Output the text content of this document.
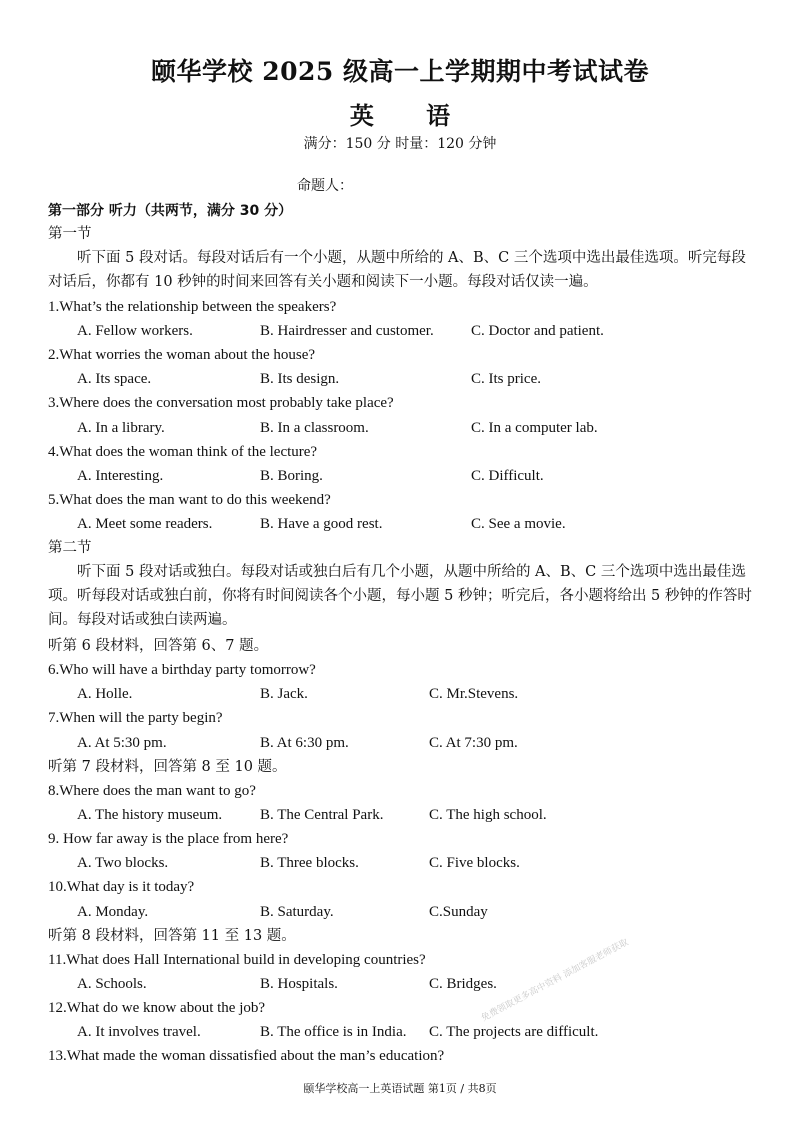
颐华学校 2025 级高一上学期期中考试试卷
英 语
满分：150 分 时量：120 分钟
命题人：
第一部分 听力（共两节，满分 30 分）
第一节
听下面 5 段对话。每段对话后有一个小题，从题中所给的 A、B、C 三个选项中选出最佳选项。听完每段对话后，你都有 10 秒钟的时间来回答有关小题和阅读下一小题。每段对话仅读一遍。
1.What’s the relationship between the speakers?
A. Fellow workers.	B. Hairdresser and customer. C. Doctor and patient.
2.What worries the woman about the house?
A. Its space.	B. Its design.	C. Its price.
3.Where does the conversation most probably take place?
A. In a library.	B. In a classroom.	C. In a computer lab.
4.What does the woman think of the lecture?
A. Interesting.	B. Boring.	C. Difficult.
5.What does the man want to do this weekend?
A. Meet some readers.	B. Have a good rest.	C. See a movie.
第二节
听下面 5 段对话或独白。每段对话或独白后有几个小题，从题中所给的 A、B、C 三个选项中选出最佳选项。听每段对话或独白前，你将有时间阅读各个小题，每小题 5 秒钟；听完后，各小题将给出 5 秒钟的作答时间。每段对话或独白读两遍。
听第 6 段材料，回答第 6、7 题。
6.Who will have a birthday party tomorrow?
A. Holle.	B. Jack.	C. Mr.Stevens.
7.When will the party begin?
A. At 5:30 pm.	B. At 6:30 pm.	C. At 7:30 pm.
听第 7 段材料，回答第 8 至 10 题。
8.Where does the man want to go?
A. The history museum.	B. The Central Park.	C. The high school.
9. How far away is the place from here?
A. Two blocks.	B. Three blocks.	C. Five blocks.
10.What day is it today?
A. Monday.	B. Saturday.	C.Sunday
听第 8 段材料，回答第 11 至 13 题。
11.What does Hall International build in developing countries?
A. Schools.	B. Hospitals.	C. Bridges.
12.What do we know about the job?
A. It involves travel.	B. The office is in India. C. The projects are difficult.
13.What made the woman dissatisfied about the man’s education?
免费领取更多高中资料 添加客服老师获取
颐华学校高一上英语试题 第1页 / 共8页
